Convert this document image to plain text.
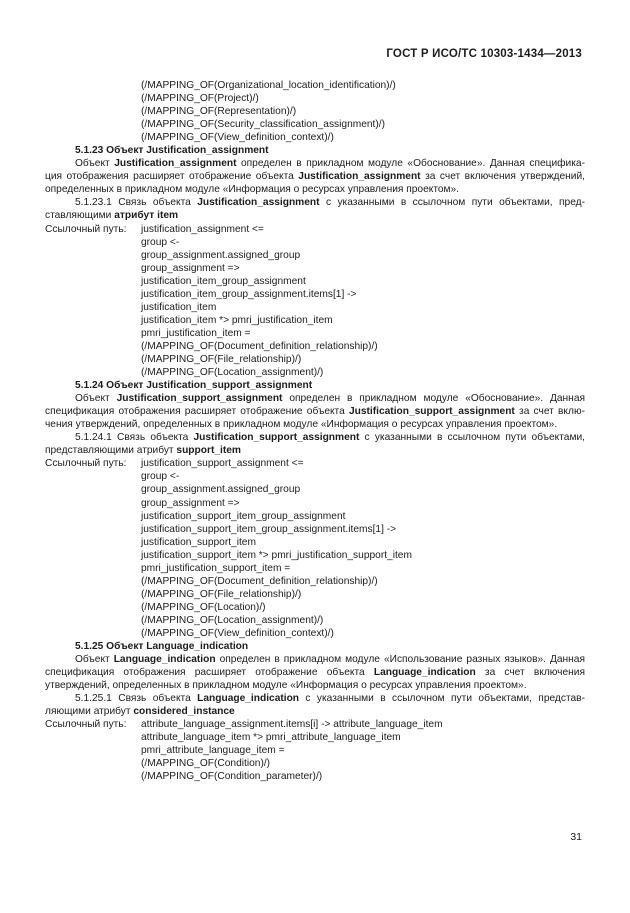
ГОСТ Р ИСО/ТС 10303-1434—2013
(/MAPPING_OF(Organizational_location_identification)/)
(/MAPPING_OF(Project)/)
(/MAPPING_OF(Representation)/)
(/MAPPING_OF(Security_classification_assignment)/)
(/MAPPING_OF(View_definition_context)/)
5.1.23 Объект Justification_assignment
Объект Justification_assignment определен в прикладном модуле «Обоснование». Данная спецификация отображения расширяет отображение объекта Justification_assignment за счет включения утверждений, определенных в прикладном модуле «Информация о ресурсах управления проектом».
5.1.23.1 Связь объекта Justification_assignment с указанными в ссылочном пути объектами, представляющими атрибут item
Ссылочный путь: justification_assignment <=
group <-
group_assignment.assigned_group
group_assignment =>
justification_item_group_assignment
justification_item_group_assignment.items[1] ->
justification_item
justification_item *> pmri_justification_item
pmri_justification_item =
(/MAPPING_OF(Document_definition_relationship)/)
(/MAPPING_OF(File_relationship)/)
(/MAPPING_OF(Location_assignment)/)
5.1.24 Объект Justification_support_assignment
Объект Justification_support_assignment определен в прикладном модуле «Обоснование». Данная спецификация отображения расширяет отображение объекта Justification_support_assignment за счет включения утверждений, определенных в прикладном модуле «Информация о ресурсах управления проектом».
5.1.24.1 Связь объекта Justification_support_assignment с указанными в ссылочном пути объектами, представляющими атрибут support_item
Ссылочный путь: justification_support_assignment <=
group <-
group_assignment.assigned_group
group_assignment =>
justification_support_item_group_assignment
justification_support_item_group_assignment.items[1] ->
justification_support_item
justification_support_item *> pmri_justification_support_item
pmri_justification_support_item =
(/MAPPING_OF(Document_definition_relationship)/)
(/MAPPING_OF(File_relationship)/)
(/MAPPING_OF(Location)/)
(/MAPPING_OF(Location_assignment)/)
(/MAPPING_OF(View_definition_context)/)
5.1.25 Объект Language_indication
Объект Language_indication определен в прикладном модуле «Использование разных языков». Данная спецификация отображения расширяет отображение объекта Language_indication за счет включения утверждений, определенных в прикладном модуле «Информация о ресурсах управления проектом».
5.1.25.1 Связь объекта Language_indication с указанными в ссылочном пути объектами, представляющими атрибут considered_instance
Ссылочный путь: attribute_language_assignment.items[i] -> attribute_language_item
attribute_language_item *> pmri_attribute_language_item
pmri_attribute_language_item =
(/MAPPING_OF(Condition)/)
(/MAPPING_OF(Condition_parameter)/)
31
